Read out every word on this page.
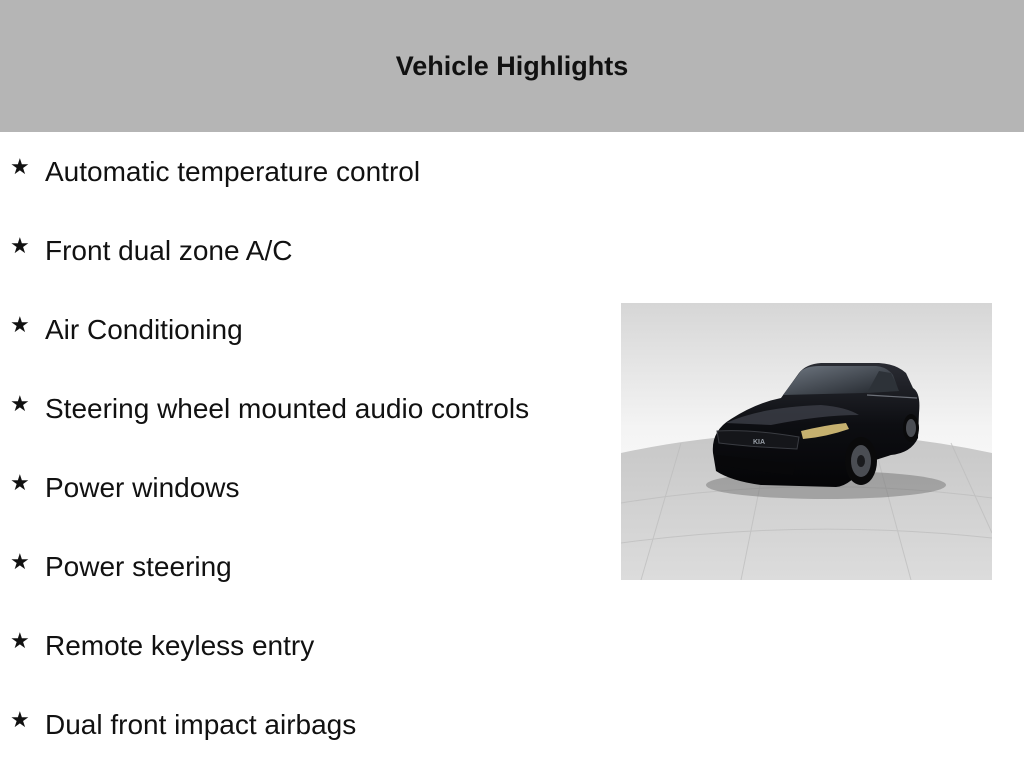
Vehicle Highlights
★ Automatic temperature control
★ Front dual zone A/C
★ Air Conditioning
★ Steering wheel mounted audio controls
★ Power windows
★ Power steering
★ Remote keyless entry
★ Dual front impact airbags
KIA
